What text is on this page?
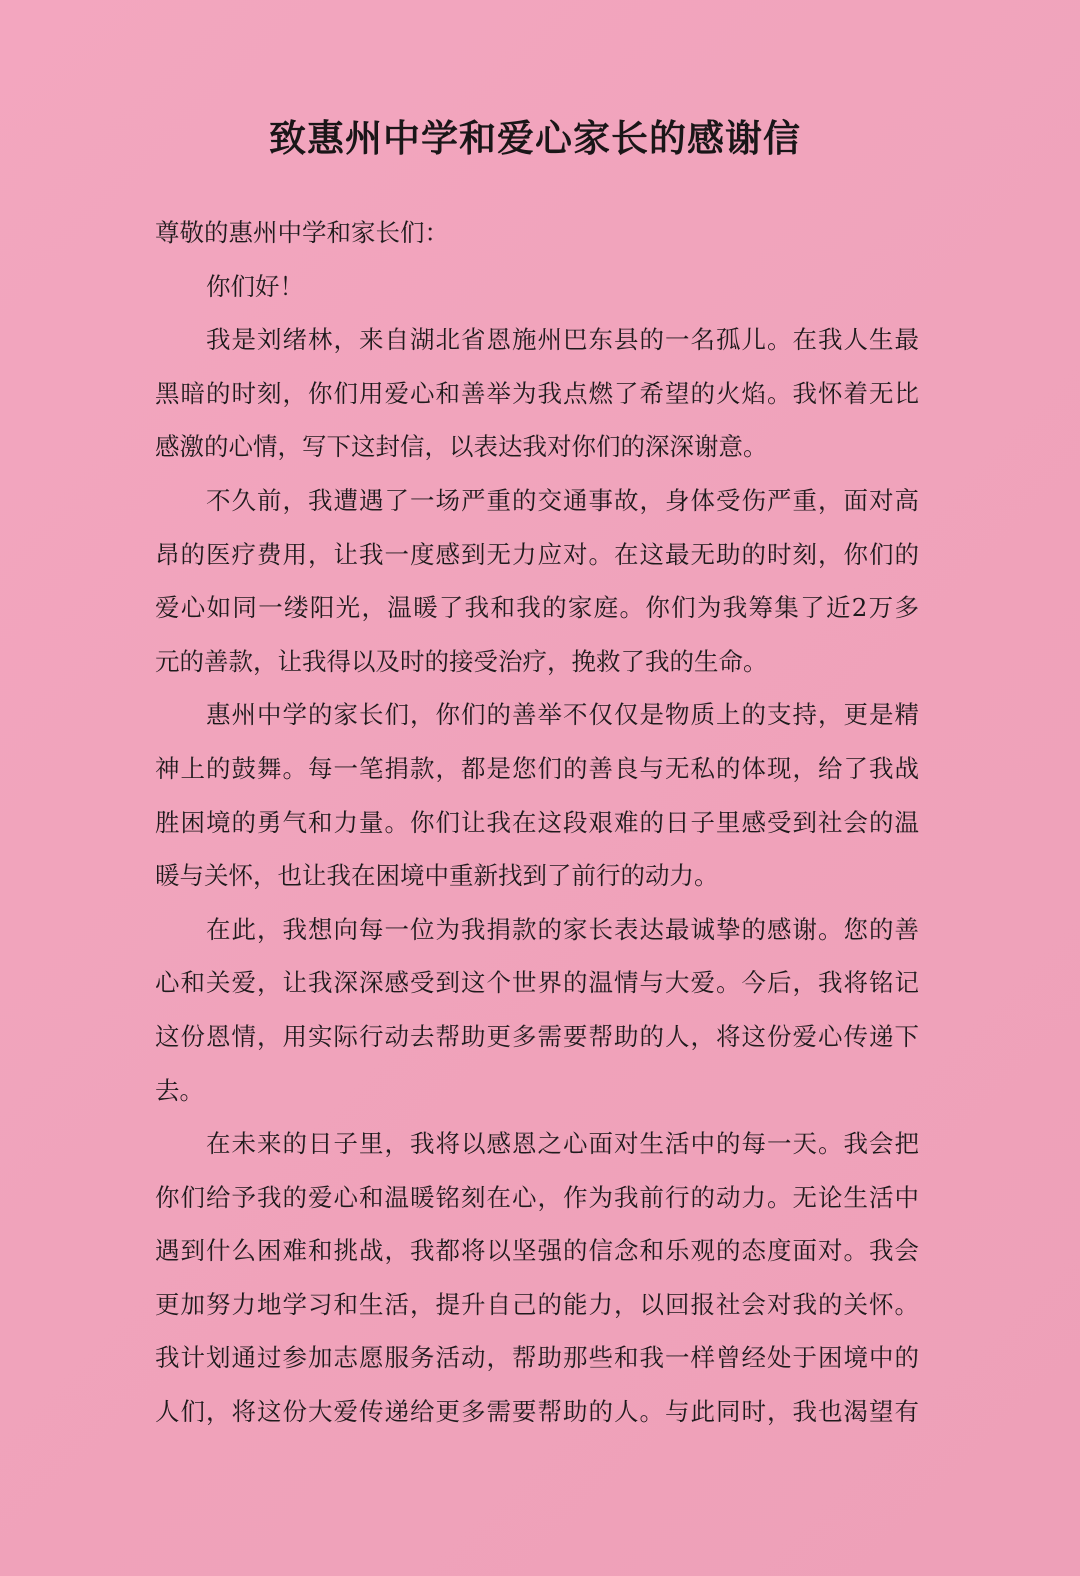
致惠州中学和爱心家长的感谢信
尊敬的惠州中学和家长们：
你们好！
我是刘绪林，来自湖北省恩施州巴东县的一名孤儿。在我人生最
黑暗的时刻，你们用爱心和善举为我点燃了希望的火焰。我怀着无比
感激的心情，写下这封信，以表达我对你们的深深谢意。
不久前，我遭遇了一场严重的交通事故，身体受伤严重，面对高
昂的医疗费用，让我一度感到无力应对。在这最无助的时刻，你们的
爱心如同一缕阳光，温暖了我和我的家庭。你们为我筹集了近2万多
元的善款，让我得以及时的接受治疗，挽救了我的生命。
惠州中学的家长们，你们的善举不仅仅是物质上的支持，更是精
神上的鼓舞。每一笔捐款，都是您们的善良与无私的体现，给了我战
胜困境的勇气和力量。你们让我在这段艰难的日子里感受到社会的温
暖与关怀，也让我在困境中重新找到了前行的动力。
在此，我想向每一位为我捐款的家长表达最诚挚的感谢。您的善
心和关爱，让我深深感受到这个世界的温情与大爱。今后，我将铭记
这份恩情，用实际行动去帮助更多需要帮助的人，将这份爱心传递下
去。
在未来的日子里，我将以感恩之心面对生活中的每一天。我会把
你们给予我的爱心和温暖铭刻在心，作为我前行的动力。无论生活中
遇到什么困难和挑战，我都将以坚强的信念和乐观的态度面对。我会
更加努力地学习和生活，提升自己的能力，以回报社会对我的关怀。
我计划通过参加志愿服务活动，帮助那些和我一样曾经处于困境中的
人们，将这份大爱传递给更多需要帮助的人。与此同时，我也渴望有
